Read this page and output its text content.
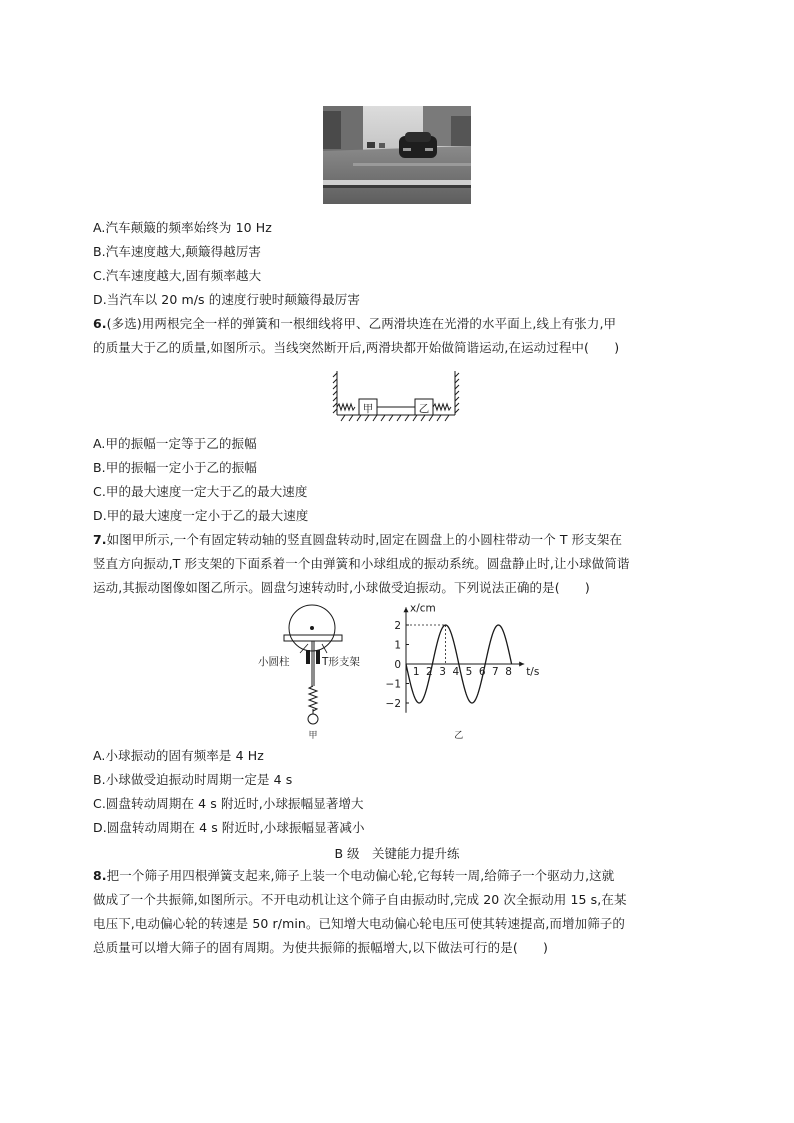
A.汽车颠簸的频率始终为 10 Hz
B.汽车速度越大,颠簸得越厉害
C.汽车速度越大,固有频率越大
D.当汽车以 20 m/s 的速度行驶时颠簸得最厉害
6.(多选)用两根完全一样的弹簧和一根细线将甲、乙两滑块连在光滑的水平面上,线上有张力,甲
的质量大于乙的质量,如图所示。当线突然断开后,两滑块都开始做简谐运动,在运动过程中(　　)
甲	乙
A.甲的振幅一定等于乙的振幅
B.甲的振幅一定小于乙的振幅
C.甲的最大速度一定大于乙的最大速度
D.甲的最大速度一定小于乙的最大速度
7.如图甲所示,一个有固定转动轴的竖直圆盘转动时,固定在圆盘上的小圆柱带动一个 T 形支架在
竖直方向振动,T 形支架的下面系着一个由弹簧和小球组成的振动系统。圆盘静止时,让小球做简谐
运动,其振动图像如图乙所示。圆盘匀速转动时,小球做受迫振动。下列说法正确的是(　　)
小圆柱	T形支架
甲
t/s
x/cm
−2
−1
0
1
2
1 2 3 4 5 6 7 8
乙
A.小球振动的固有频率是 4 Hz
B.小球做受迫振动时周期一定是 4 s
C.圆盘转动周期在 4 s 附近时,小球振幅显著增大
D.圆盘转动周期在 4 s 附近时,小球振幅显著减小
B 级　关键能力提升练
8.把一个筛子用四根弹簧支起来,筛子上装一个电动偏心轮,它每转一周,给筛子一个驱动力,这就
做成了一个共振筛,如图所示。不开电动机让这个筛子自由振动时,完成 20 次全振动用 15 s,在某
电压下,电动偏心轮的转速是 50 r/min。已知增大电动偏心轮电压可使其转速提高,而增加筛子的
总质量可以增大筛子的固有周期。为使共振筛的振幅增大,以下做法可行的是(　　)
